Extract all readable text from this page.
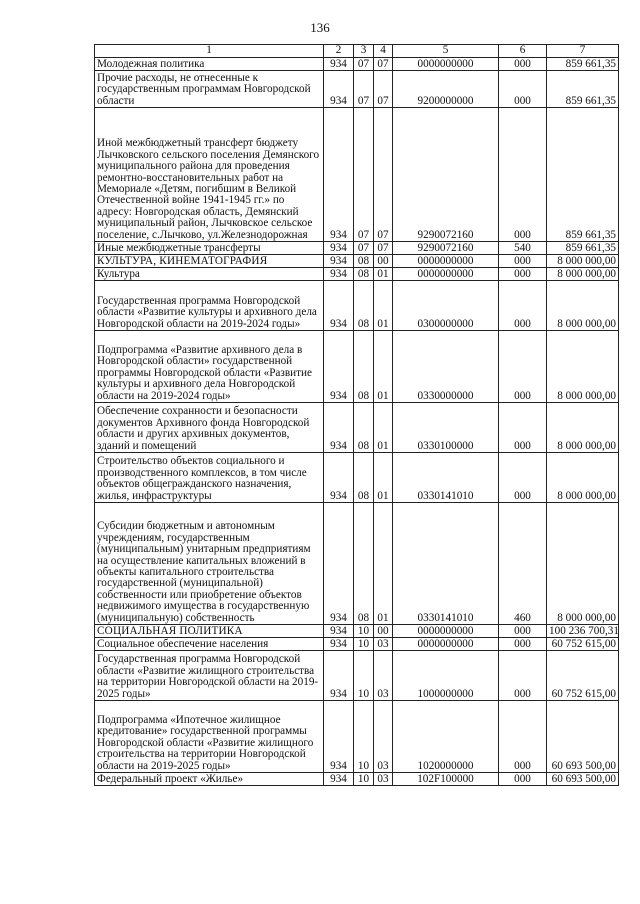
136
1	2	3	4	5	6	7
Молодежная политика	934	07	07	0000000000	000	859 661,35
Прочие расходы, не отнесенные к государственным программам Новгородской области	934	07	07	9200000000	000	859 661,35
Иной межбюджетный трансферт бюджету Лычковского сельского поселения Демянского муниципального района для проведения ремонтно-восстановительных работ на Мемориале «Детям, погибшим в Великой Отечественной войне 1941-1945 гг.» по адресу: Новгородская область, Демянский муниципальный район, Лычковское сельское поселение, с.Лычково, ул.Железнодорожная	934	07	07	9290072160	000	859 661,35
Иные межбюджетные трансферты	934	07	07	9290072160	540	859 661,35
КУЛЬТУРА, КИНЕМАТОГРАФИЯ	934	08	00	0000000000	000	8 000 000,00
Культура	934	08	01	0000000000	000	8 000 000,00
Государственная программа Новгородской области «Развитие культуры и архивного дела Новгородской области на 2019-2024 годы»	934	08	01	0300000000	000	8 000 000,00
Подпрограмма «Развитие архивного дела в Новгородской области» государственной программы Новгородской области «Развитие культуры и архивного дела Новгородской области на 2019-2024 годы»	934	08	01	0330000000	000	8 000 000,00
Обеспечение сохранности и безопасности документов Архивного фонда Новгородской области и других архивных документов, зданий и помещений	934	08	01	0330100000	000	8 000 000,00
Строительство объектов социального и производственного комплексов, в том числе объектов общегражданского назначения, жилья, инфраструктуры	934	08	01	0330141010	000	8 000 000,00
Субсидии бюджетным и автономным учреждениям, государственным (муниципальным) унитарным предприятиям на осуществление капитальных вложений в объекты капитального строительства государственной (муниципальной) собственности или приобретение объектов недвижимого имущества в государственную (муниципальную) собственность	934	08	01	0330141010	460	8 000 000,00
СОЦИАЛЬНАЯ ПОЛИТИКА	934	10	00	0000000000	000	100 236 700,31
Социальное обеспечение населения	934	10	03	0000000000	000	60 752 615,00
Государственная программа Новгородской области «Развитие жилищного строительства на территории Новгородской области на 2019-2025 годы»	934	10	03	1000000000	000	60 752 615,00
Подпрограмма «Ипотечное жилищное кредитование» государственной программы Новгородской области «Развитие жилищного строительства на территории Новгородской области на 2019-2025 годы»	934	10	03	1020000000	000	60 693 500,00
Федеральный проект «Жилье»	934	10	03	102F100000	000	60 693 500,00
